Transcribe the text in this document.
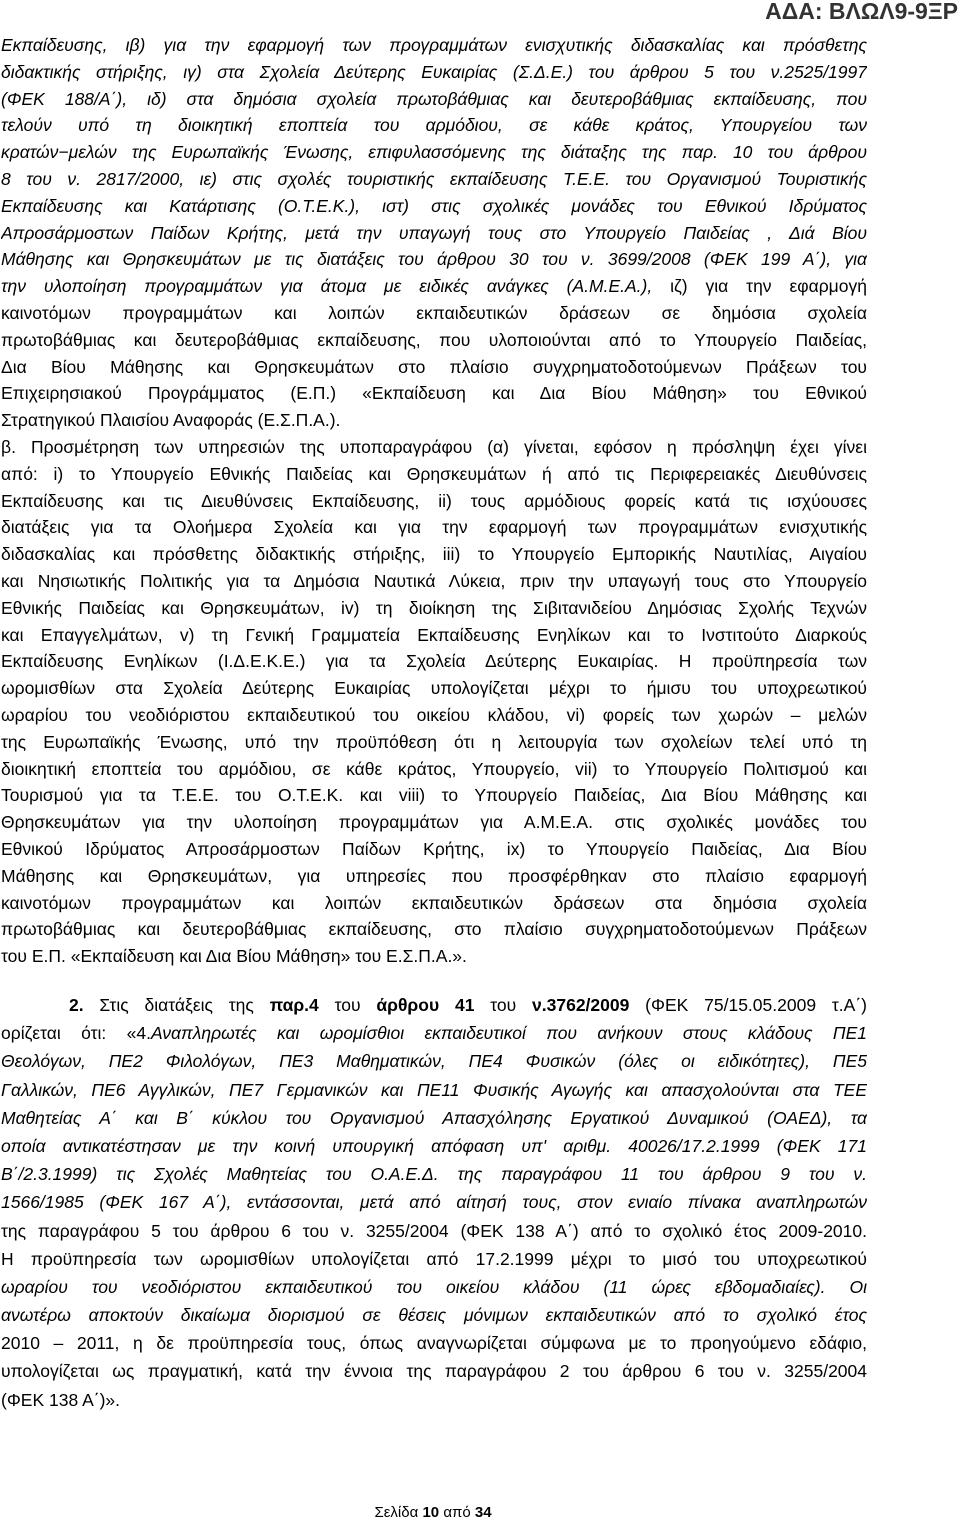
ΑΔΑ: ΒΛΩΛ9-9ΞΡ
Εκπαίδευσης, ιβ) για την εφαρμογή των προγραμμάτων ενισχυτικής διδασκαλίας και πρόσθετης
διδακτικής στήριξης, ιγ) στα Σχολεία Δεύτερης Ευκαιρίας (Σ.Δ.Ε.) του άρθρου 5 του ν.2525/1997
(ΦΕΚ 188/Α΄), ιδ) στα δημόσια σχολεία πρωτοβάθμιας και δευτεροβάθμιας εκπαίδευσης, που
τελούν υπό τη διοικητική εποπτεία του αρμόδιου, σε κάθε κράτος, Υπουργείου των
κρατών−μελών της Ευρωπαϊκής Ένωσης, επιφυλασσόμενης της διάταξης της παρ. 10 του άρθρου
8 του ν. 2817/2000, ιε) στις σχολές τουριστικής εκπαίδευσης Τ.Ε.Ε. του Οργανισμού Τουριστικής
Εκπαίδευσης και Κατάρτισης (Ο.Τ.Ε.Κ.), ιστ) στις σχολικές μονάδες του Εθνικού Ιδρύματος
Απροσάρμοστων Παίδων Κρήτης, μετά την υπαγωγή τους στο Υπουργείο Παιδείας , Διά Βίου
Μάθησης και Θρησκευμάτων με τις διατάξεις του άρθρου 30 του ν. 3699/2008 (ΦΕΚ 199 Α΄), για
την υλοποίηση προγραμμάτων για άτομα με ειδικές ανάγκες (Α.Μ.Ε.Α.), ιζ) για την εφαρμογή
καινοτόμων προγραμμάτων και λοιπών εκπαιδευτικών δράσεων σε δημόσια σχολεία
πρωτοβάθμιας και δευτεροβάθμιας εκπαίδευσης, που υλοποιούνται από το Υπουργείο Παιδείας,
Δια Βίου Μάθησης και Θρησκευμάτων στο πλαίσιο συγχρηματοδοτούμενων Πράξεων του
Επιχειρησιακού Προγράμματος (Ε.Π.) «Εκπαίδευση και Δια Βίου Μάθηση» του Εθνικού
Στρατηγικού Πλαισίου Αναφοράς (Ε.Σ.Π.Α.).
β. Προσμέτρηση των υπηρεσιών της υποπαραγράφου (α) γίνεται, εφόσον η πρόσληψη έχει γίνει
από: i) το Υπουργείο Εθνικής Παιδείας και Θρησκευμάτων ή από τις Περιφερειακές Διευθύνσεις
Εκπαίδευσης και τις Διευθύνσεις Εκπαίδευσης, ii) τους αρμόδιους φορείς κατά τις ισχύουσες
διατάξεις για τα Ολοήμερα Σχολεία και για την εφαρμογή των προγραμμάτων ενισχυτικής
διδασκαλίας και πρόσθετης διδακτικής στήριξης, iii) το Υπουργείο Εμπορικής Ναυτιλίας, Αιγαίου
και Νησιωτικής Πολιτικής για τα Δημόσια Ναυτικά Λύκεια, πριν την υπαγωγή τους στο Υπουργείο
Εθνικής Παιδείας και Θρησκευμάτων, iv) τη διοίκηση της Σιβιτανιδείου Δημόσιας Σχολής Τεχνών
και Επαγγελμάτων, v) τη Γενική Γραμματεία Εκπαίδευσης Ενηλίκων και το Ινστιτούτο Διαρκούς
Εκπαίδευσης Ενηλίκων (Ι.Δ.Ε.Κ.Ε.) για τα Σχολεία Δεύτερης Ευκαιρίας. Η προϋπηρεσία των
ωρομισθίων στα Σχολεία Δεύτερης Ευκαιρίας υπολογίζεται μέχρι το ήμισυ του υποχρεωτικού
ωραρίου του νεοδιόριστου εκπαιδευτικού του οικείου κλάδου, vi) φορείς των χωρών – μελών
της Ευρωπαϊκής Ένωσης, υπό την προϋπόθεση ότι η λειτουργία των σχολείων τελεί υπό τη
διοικητική εποπτεία του αρμόδιου, σε κάθε κράτος, Υπουργείο, vii) το Υπουργείο Πολιτισμού και
Τουρισμού για τα Τ.Ε.Ε. του Ο.Τ.Ε.Κ. και viii) το Υπουργείο Παιδείας, Δια Βίου Μάθησης και
Θρησκευμάτων για την υλοποίηση προγραμμάτων για Α.Μ.Ε.Α. στις σχολικές μονάδες του
Εθνικού Ιδρύματος Απροσάρμοστων Παίδων Κρήτης, ix) το Υπουργείο Παιδείας, Δια Βίου
Μάθησης και Θρησκευμάτων, για υπηρεσίες που προσφέρθηκαν στο πλαίσιο εφαρμογή
καινοτόμων προγραμμάτων και λοιπών εκπαιδευτικών δράσεων στα δημόσια σχολεία
πρωτοβάθμιας και δευτεροβάθμιας εκπαίδευσης, στο πλαίσιο συγχρηματοδοτούμενων Πράξεων
του Ε.Π. «Εκπαίδευση και Δια Βίου Μάθηση» του Ε.Σ.Π.Α.».
2. Στις διατάξεις της παρ.4 του άρθρου 41 του ν.3762/2009 (ΦΕΚ 75/15.05.2009 τ.Α΄)
ορίζεται ότι: «4.Αναπληρωτές και ωρομίσθιοι εκπαιδευτικοί που ανήκουν στους κλάδους ΠΕ1
Θεολόγων, ΠΕ2 Φιλολόγων, ΠΕ3 Μαθηματικών, ΠΕ4 Φυσικών (όλες οι ειδικότητες), ΠΕ5
Γαλλικών, ΠΕ6 Αγγλικών, ΠΕ7 Γερμανικών και ΠΕ11 Φυσικής Αγωγής και απασχολούνται στα ΤΕΕ
Μαθητείας Α΄ και Β΄ κύκλου του Οργανισμού Απασχόλησης Εργατικού Δυναμικού (ΟΑΕΔ), τα
οποία αντικατέστησαν με την κοινή υπουργική απόφαση υπ' αριθμ. 40026/17.2.1999 (ΦΕΚ 171
Β΄/2.3.1999) τις Σχολές Μαθητείας του Ο.Α.Ε.Δ. της παραγράφου 11 του άρθρου 9 του ν.
1566/1985 (ΦΕΚ 167 Α΄), εντάσσονται, μετά από αίτησή τους, στον ενιαίο πίνακα αναπληρωτών
της παραγράφου 5 του άρθρου 6 του ν. 3255/2004 (ΦΕΚ 138 Α΄) από το σχολικό έτος 2009-2010.
Η προϋπηρεσία των ωρομισθίων υπολογίζεται από 17.2.1999 μέχρι το μισό του υποχρεωτικού
ωραρίου του νεοδιόριστου εκπαιδευτικού του οικείου κλάδου (11 ώρες εβδομαδιαίες). Οι
ανωτέρω αποκτούν δικαίωμα διορισμού σε θέσεις μόνιμων εκπαιδευτικών από το σχολικό έτος
2010 – 2011, η δε προϋπηρεσία τους, όπως αναγνωρίζεται σύμφωνα με το προηγούμενο εδάφιο,
υπολογίζεται ως πραγματική, κατά την έννοια της παραγράφου 2 του άρθρου 6 του ν. 3255/2004
(ΦΕΚ 138 Α΄)».
Σελίδα 10 από 34
